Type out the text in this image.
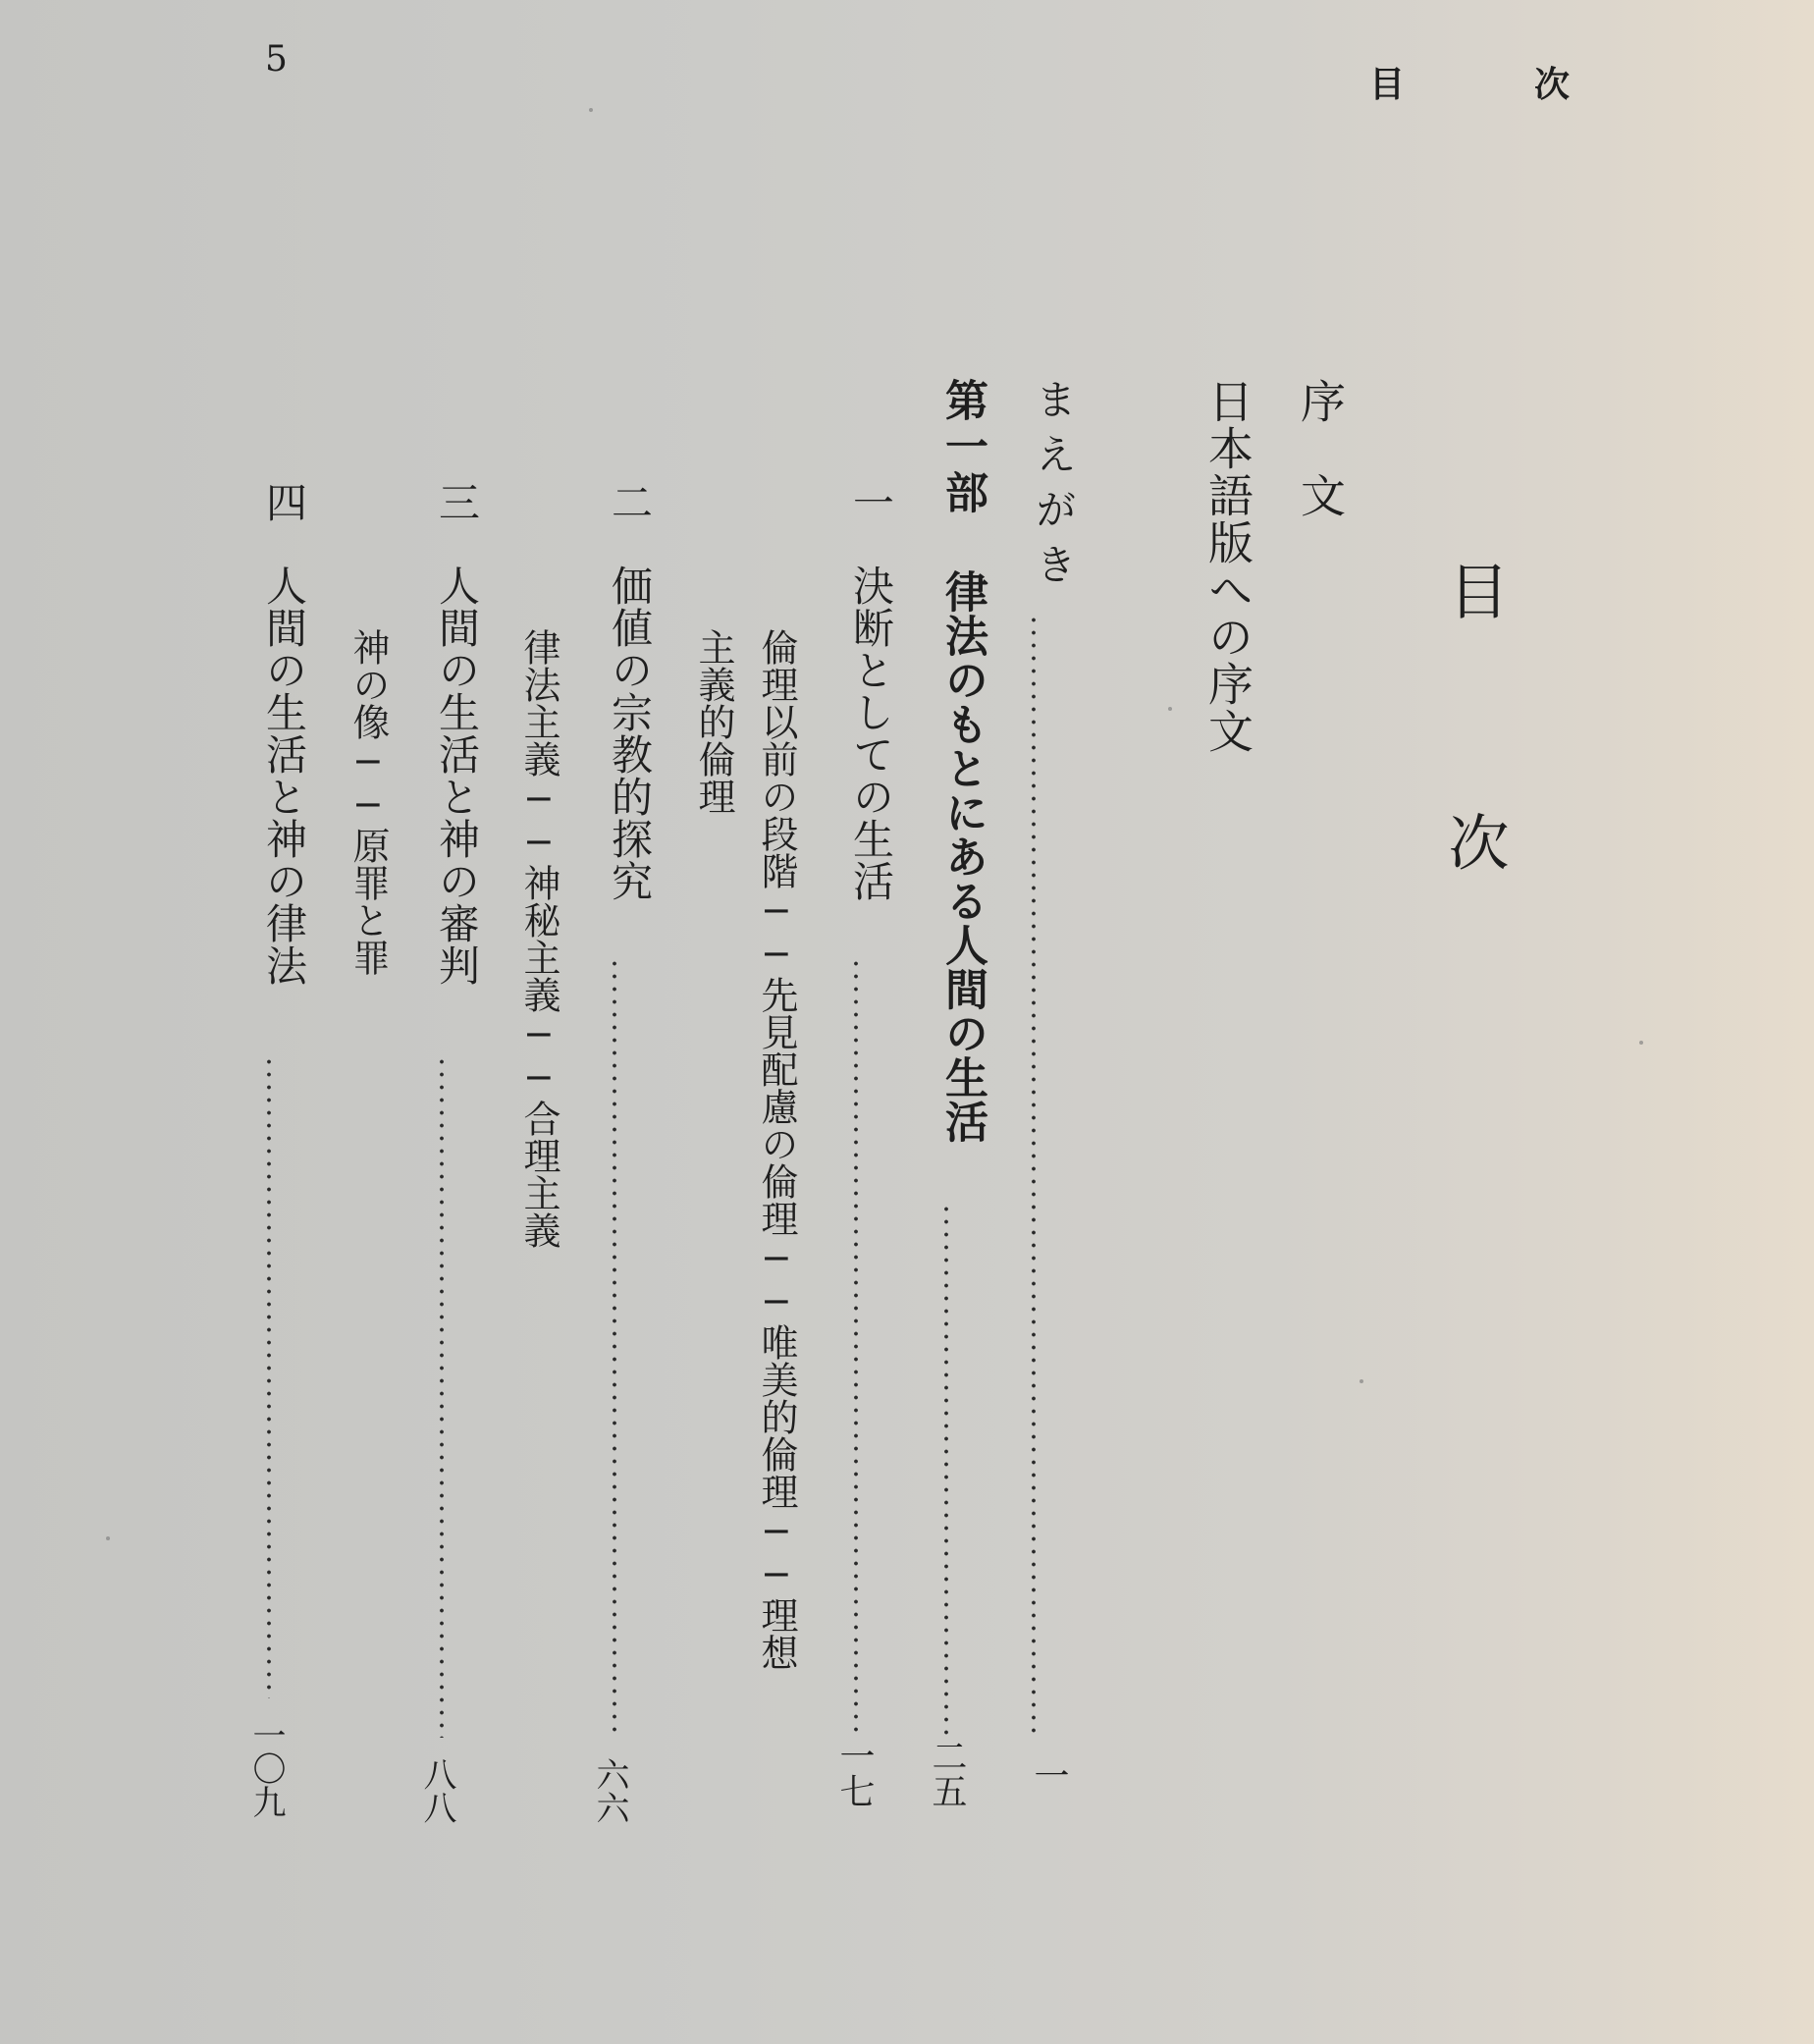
5
目　　　次
目　次
日本語版への序文 序　文
まえがき
一
第一部
律法のもとにある人間の生活
二五
一
決断としての生活
一七
倫理以前の段階──先見配慮の倫理──唯美的倫理──理想
主義的倫理
二
価値の宗教的探究
六六
律法主義──神秘主義──合理主義
三
人間の生活と神の審判
八八
神の像──原罪と罪
四
人間の生活と神の律法
一〇九
